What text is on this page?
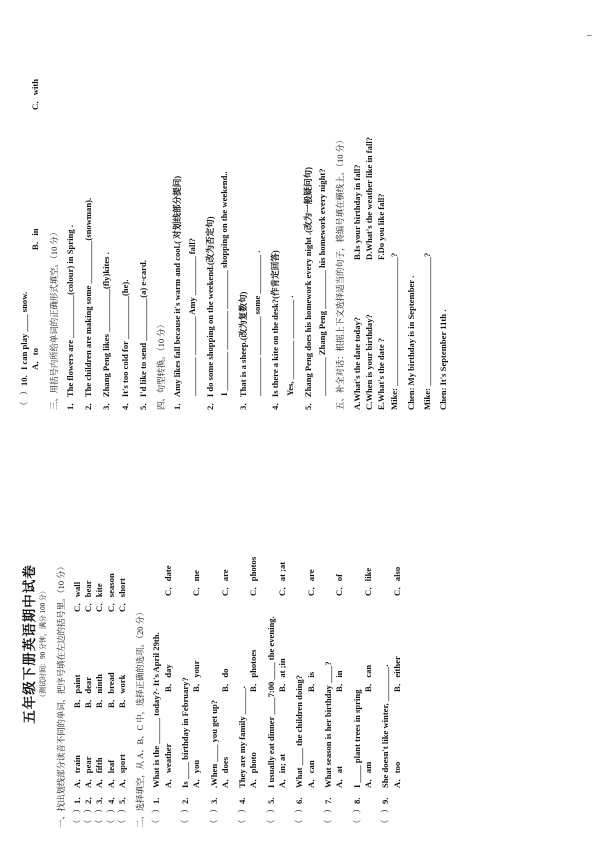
五年级下册英语期中试卷 （测试时间：90 分钟，满分 100 分） 一、找出划线部分读音不同的单词，把序号填在左边的括号里。（10 分） （   ）
1．
A．train
B．paint
C．wall
（   ）
2．
A．pear
B．dear
C．bear
（   ）
3．
A．fifth
B．ninth
C．kite
（   ）
4．
A．leaf
B．bread
C．season
（   ）
5．
A．sport
B．work
C．short
二、选择填空，从 A、B、C 中，选择正确的选项。（20 分） （   ）
1.
What is the ______ today?- It's April 29th. A．weather
B．day
C．date
（   ）
2.
Is ____ birthday in February? A．you
B．your
C．me
（   ）
3.
.When ____ you get up? A．does
B．do
C．are
（   ）
4.
They are my family ______. A．photo
B．photoes
C．photos
（   ）
5.
I usually eat dinner ____7:00 ____ the evening. A．in; at
B．at ;in
C．at ;at
（   ）
6.
What ____ the children doing? A．can
B．is
C．are
（   ）
7.
What season is her birthday ____? A．at
B．in
C．of
（   ）
8.
I ____ plant trees in spring A．am
B．can
C．like
（   ）
9.
She doesn't like winter, ________. A．too
B．either
C．also
（   ）
10.
I can play ____ snow. A．to
B．in
C．with
三、用括号内所给单词的正确形式填空。（10 分） 1．The flowers are __________(colour) in Spring . 2．The children are making some __________(snowman). 3．Zhang Peng likes __________(fly)kites . 4．It's too cold for __________(he). 5．I'd like to send __________(a) e-card. 四、句型转换。（10 分） 1．Amy likes fall because it's warm and cool.( 对划线部分提问) _________ _________ Amy _________ fall? 2．I do some shopping on the weekend.(改为否定句) I _________ _________ _________ shopping on the weekend.. 3．That is a sheep.(改为复数句) _________ _________ some _________ . 4．Is there a kite on the desk?(作肯定回答) Yes, _________ _________ . 5．Zhang Peng does his homework every night .(改为一般疑问句) _________ Zhang Peng _________ his homework every night? 五、补全对话：根据上下文选择适当的句子，将编号填在横线上。（10 分） A.What's the date today?
B.Is your birthday in fall?
C.When is your birthday?
D.What's the weather like in fall?
E.What's the date ?
F.Do you like fall?
Mike: ______________________________? Chen: My birthday is in September . Mike: ______________________________? Chen: It's September 11th .
–
